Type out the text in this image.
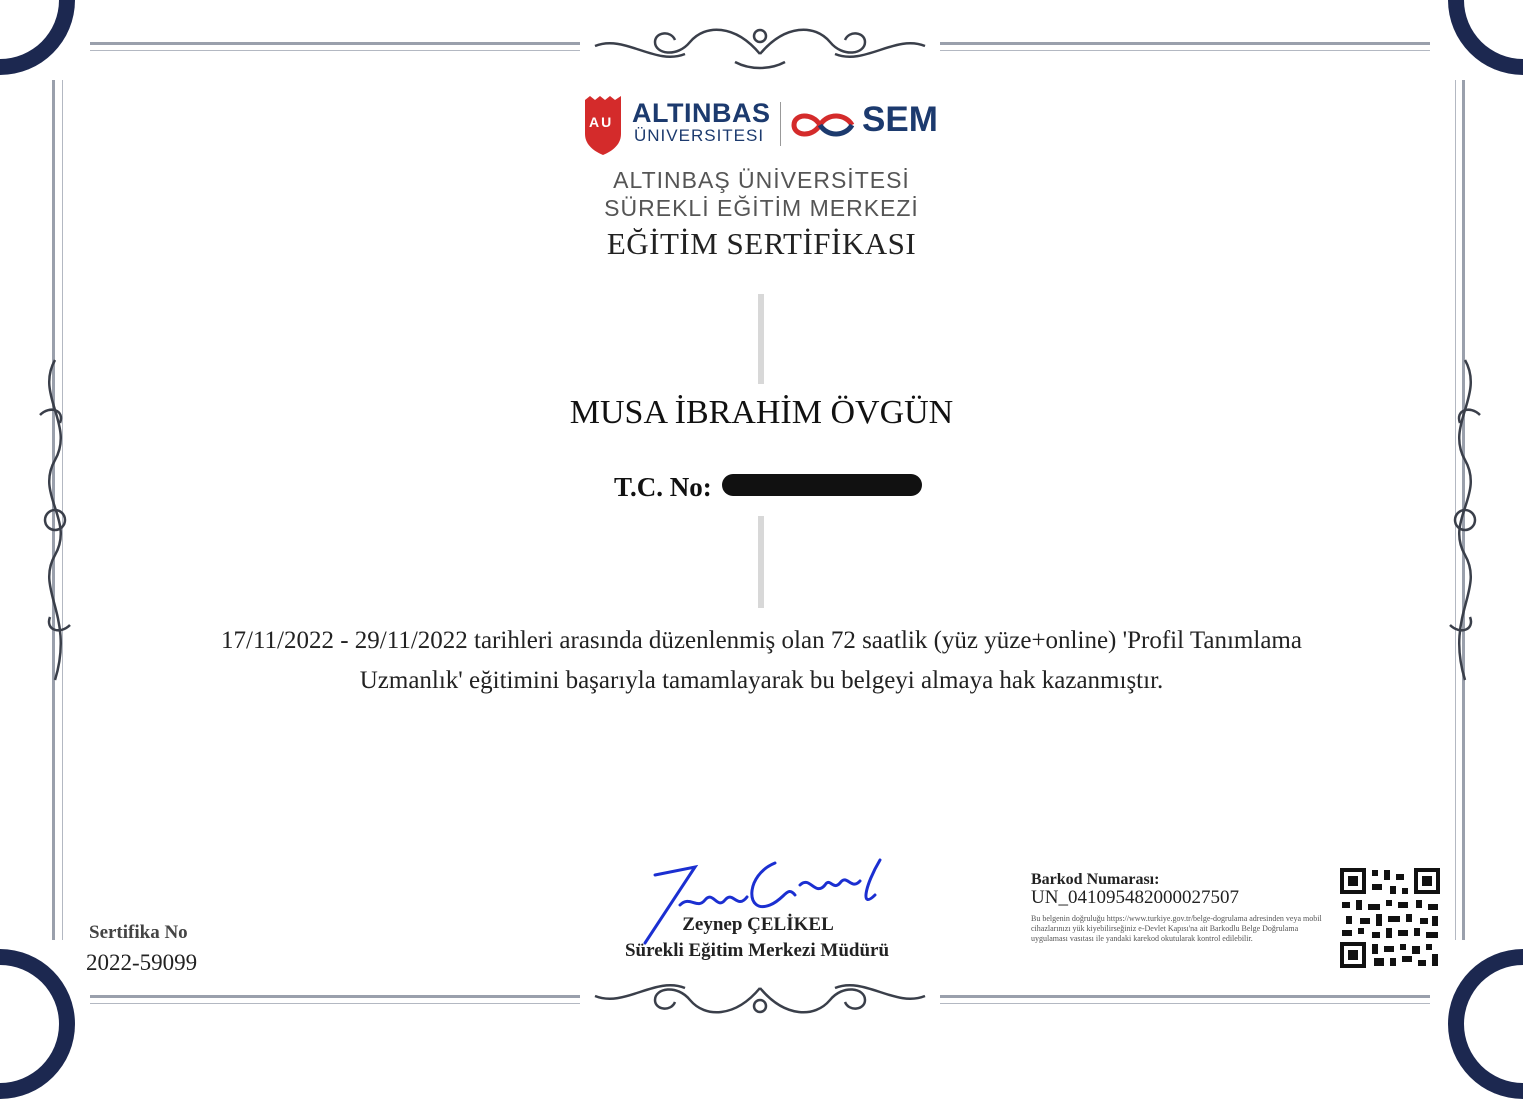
AU ALTINBAS
ÜNIVERSITESI	SEM
ALTINBAŞ ÜNİVERSİTESİ
SÜREKLİ EĞİTİM MERKEZİ
EĞİTİM SERTİFİKASI
MUSA İBRAHİM ÖVGÜN
T.C. No:
17/11/2022 - 29/11/2022 tarihleri arasında düzenlenmiş olan 72 saatlik (yüz yüze+online) 'Profil Tanımlama
Uzmanlık' eğitimini başarıyla tamamlayarak bu belgeyi almaya hak kazanmıştır.
Zeynep ÇELİKEL
Sürekli Eğitim Merkezi Müdürü
Sertifika No
2022-59099
Barkod Numarası:
UN_041095482000027507
Bu belgenin doğruluğu https://www.turkiye.gov.tr/belge-dogrulama adresinden veya mobil cihazlarınızı yük kiyebilirseğiniz e-Devlet Kapısı'na ait Barkodlu Belge Doğrulama uygulaması vasıtası ile yandaki karekod okutularak kontrol edilebilir.
